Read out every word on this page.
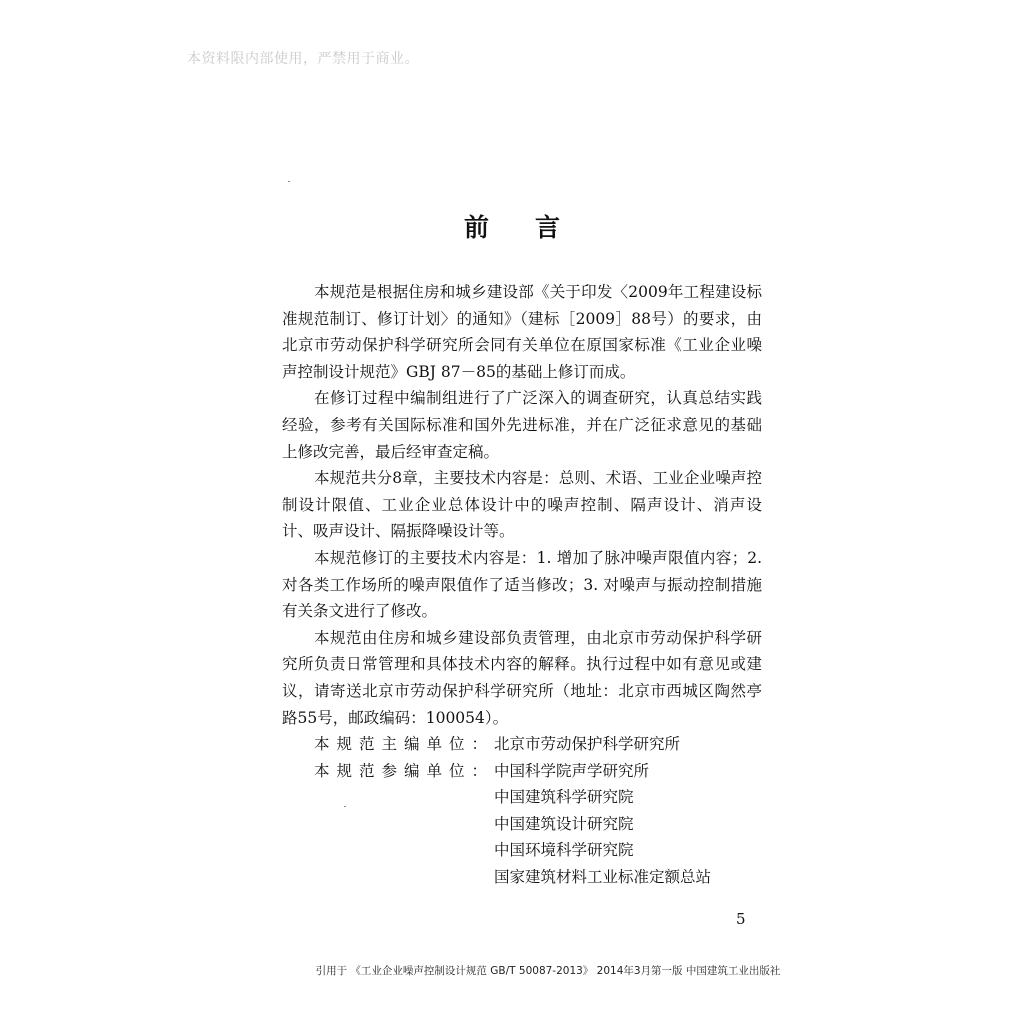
本资料限内部使用，严禁用于商业。
前言

本规范是根据住房和城乡建设部《关于印发〈2009年工程建设标准规范制订、修订计划〉的通知》（建标［2009］88号）的要求，由北京市劳动保护科学研究所会同有关单位在原国家标准《工业企业噪声控制设计规范》GBJ 87－85的基础上修订而成。

在修订过程中编制组进行了广泛深入的调查研究，认真总结实践经验，参考有关国际标准和国外先进标准，并在广泛征求意见的基础上修改完善，最后经审查定稿。

本规范共分8章，主要技术内容是：总则、术语、工业企业噪声控制设计限值、工业企业总体设计中的噪声控制、隔声设计、消声设计、吸声设计、隔振降噪设计等。

本规范修订的主要技术内容是：1. 增加了脉冲噪声限值内容；2. 对各类工作场所的噪声限值作了适当修改；3. 对噪声与振动控制措施有关条文进行了修改。

本规范由住房和城乡建设部负责管理，由北京市劳动保护科学研究所负责日常管理和具体技术内容的解释。执行过程中如有意见或建议，请寄送北京市劳动保护科学研究所（地址：北京市西城区陶然亭路55号，邮政编码：100054）。

本规范主编单位： 北京市劳动保护科学研究所
本规范参编单位： 中国科学院声学研究所
中国建筑科学研究院
中国建筑设计研究院
中国环境科学研究院
国家建筑材料工业标准定额总站
5
引用于 《工业企业噪声控制设计规范 GB/T 50087-2013》 2014年3月第一版 中国建筑工业出版社
